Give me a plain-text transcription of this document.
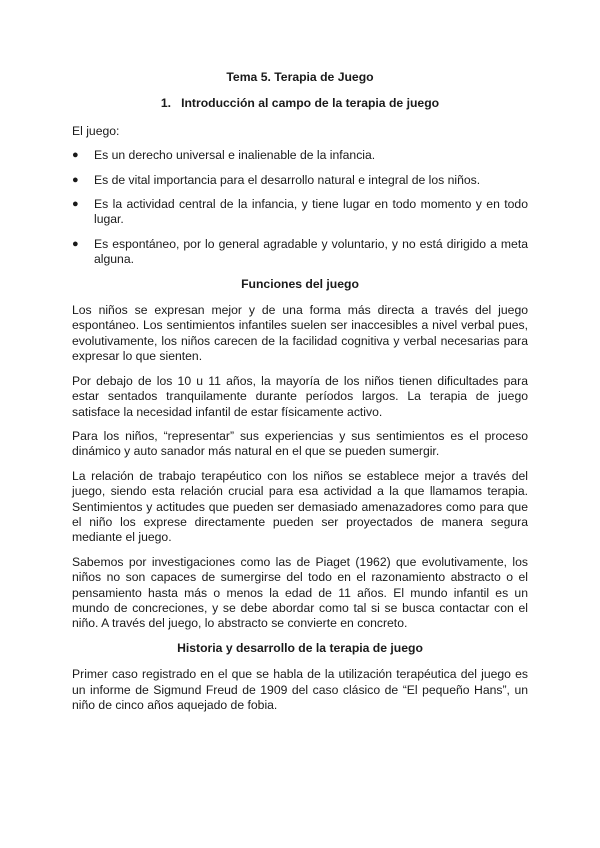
Tema 5. Terapia de Juego
1. Introducción al campo de la terapia de juego

El juego:

● Es un derecho universal e inalienable de la infancia.
● Es de vital importancia para el desarrollo natural e integral de los niños.
● Es la actividad central de la infancia, y tiene lugar en todo momento y en todo lugar.
● Es espontáneo, por lo general agradable y voluntario, y no está dirigido a meta alguna.
Funciones del juego

Los niños se expresan mejor y de una forma más directa a través del juego espontáneo. Los sentimientos infantiles suelen ser inaccesibles a nivel verbal pues, evolutivamente, los niños carecen de la facilidad cognitiva y verbal necesarias para expresar lo que sienten.

Por debajo de los 10 u 11 años, la mayoría de los niños tienen dificultades para estar sentados tranquilamente durante períodos largos. La terapia de juego satisface la necesidad infantil de estar físicamente activo.

Para los niños, “representar” sus experiencias y sus sentimientos es el proceso dinámico y auto sanador más natural en el que se pueden sumergir.

La relación de trabajo terapéutico con los niños se establece mejor a través del juego, siendo esta relación crucial para esa actividad a la que llamamos terapia. Sentimientos y actitudes que pueden ser demasiado amenazadores como para que el niño los exprese directamente pueden ser proyectados de manera segura mediante el juego.

Sabemos por investigaciones como las de Piaget (1962) que evolutivamente, los niños no son capaces de sumergirse del todo en el razonamiento abstracto o el pensamiento hasta más o menos la edad de 11 años. El mundo infantil es un mundo de concreciones, y se debe abordar como tal si se busca contactar con el niño. A través del juego, lo abstracto se convierte en concreto.

Historia y desarrollo de la terapia de juego

Primer caso registrado en el que se habla de la utilización terapéutica del juego es un informe de Sigmund Freud de 1909 del caso clásico de “El pequeño Hans”, un niño de cinco años aquejado de fobia.
